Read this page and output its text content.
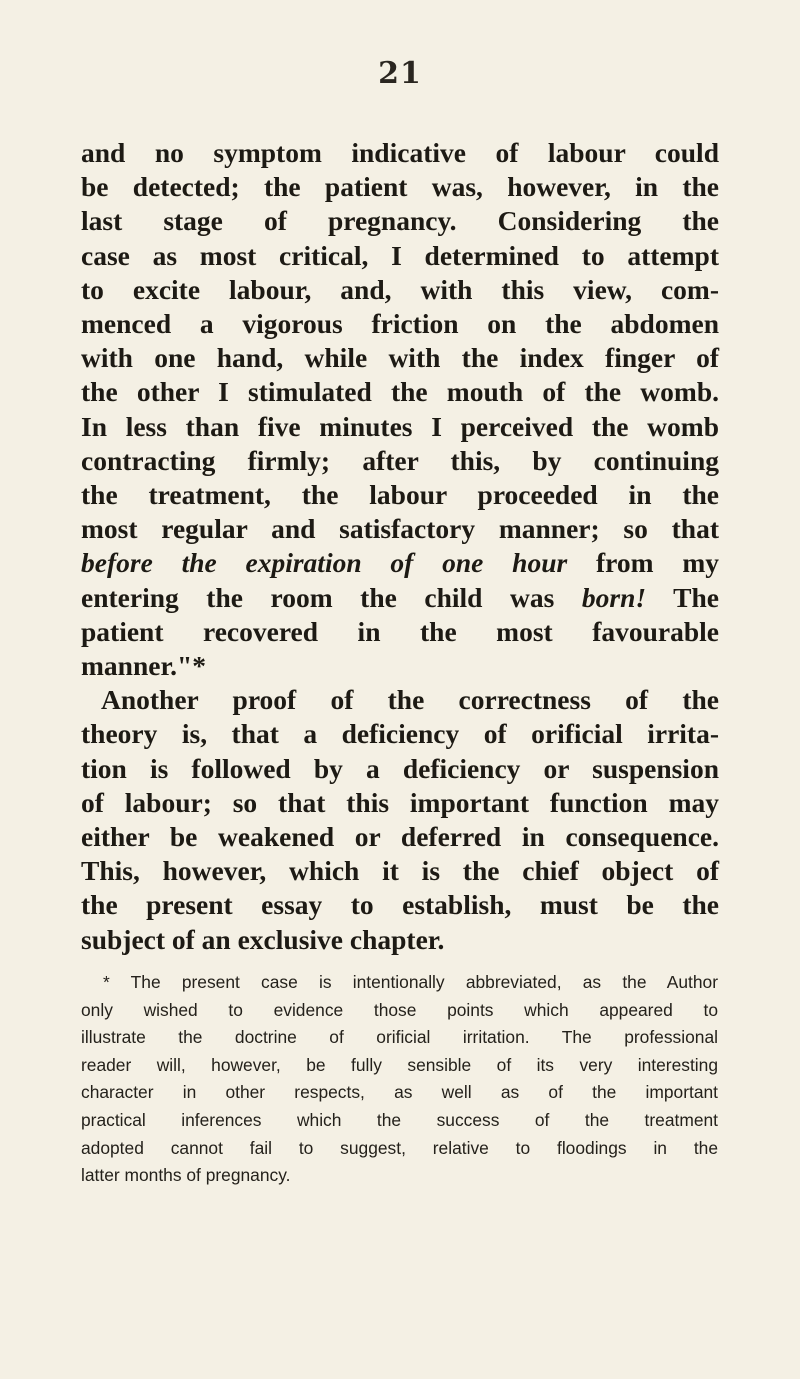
21
and no symptom indicative of labour could
be detected; the patient was, however, in the
last stage of pregnancy. Considering the
case as most critical, I determined to attempt
to excite labour, and, with this view, com-
menced a vigorous friction on the abdomen
with one hand, while with the index finger of
the other I stimulated the mouth of the womb.
In less than five minutes I perceived the womb
contracting firmly; after this, by continuing
the treatment, the labour proceeded in the
most regular and satisfactory manner; so that
before the expiration of one hour from my
entering the room the child was born! The
patient recovered in the most favourable
manner."*
Another proof of the correctness of the
theory is, that a deficiency of orificial irrita-
tion is followed by a deficiency or suspension
of labour; so that this important function may
either be weakened or deferred in consequence.
This, however, which it is the chief object of
the present essay to establish, must be the
subject of an exclusive chapter.
* The present case is intentionally abbreviated, as the Author
only wished to evidence those points which appeared to
illustrate the doctrine of orificial irritation. The professional
reader will, however, be fully sensible of its very interesting
character in other respects, as well as of the important
practical inferences which the success of the treatment
adopted cannot fail to suggest, relative to floodings in the
latter months of pregnancy.
